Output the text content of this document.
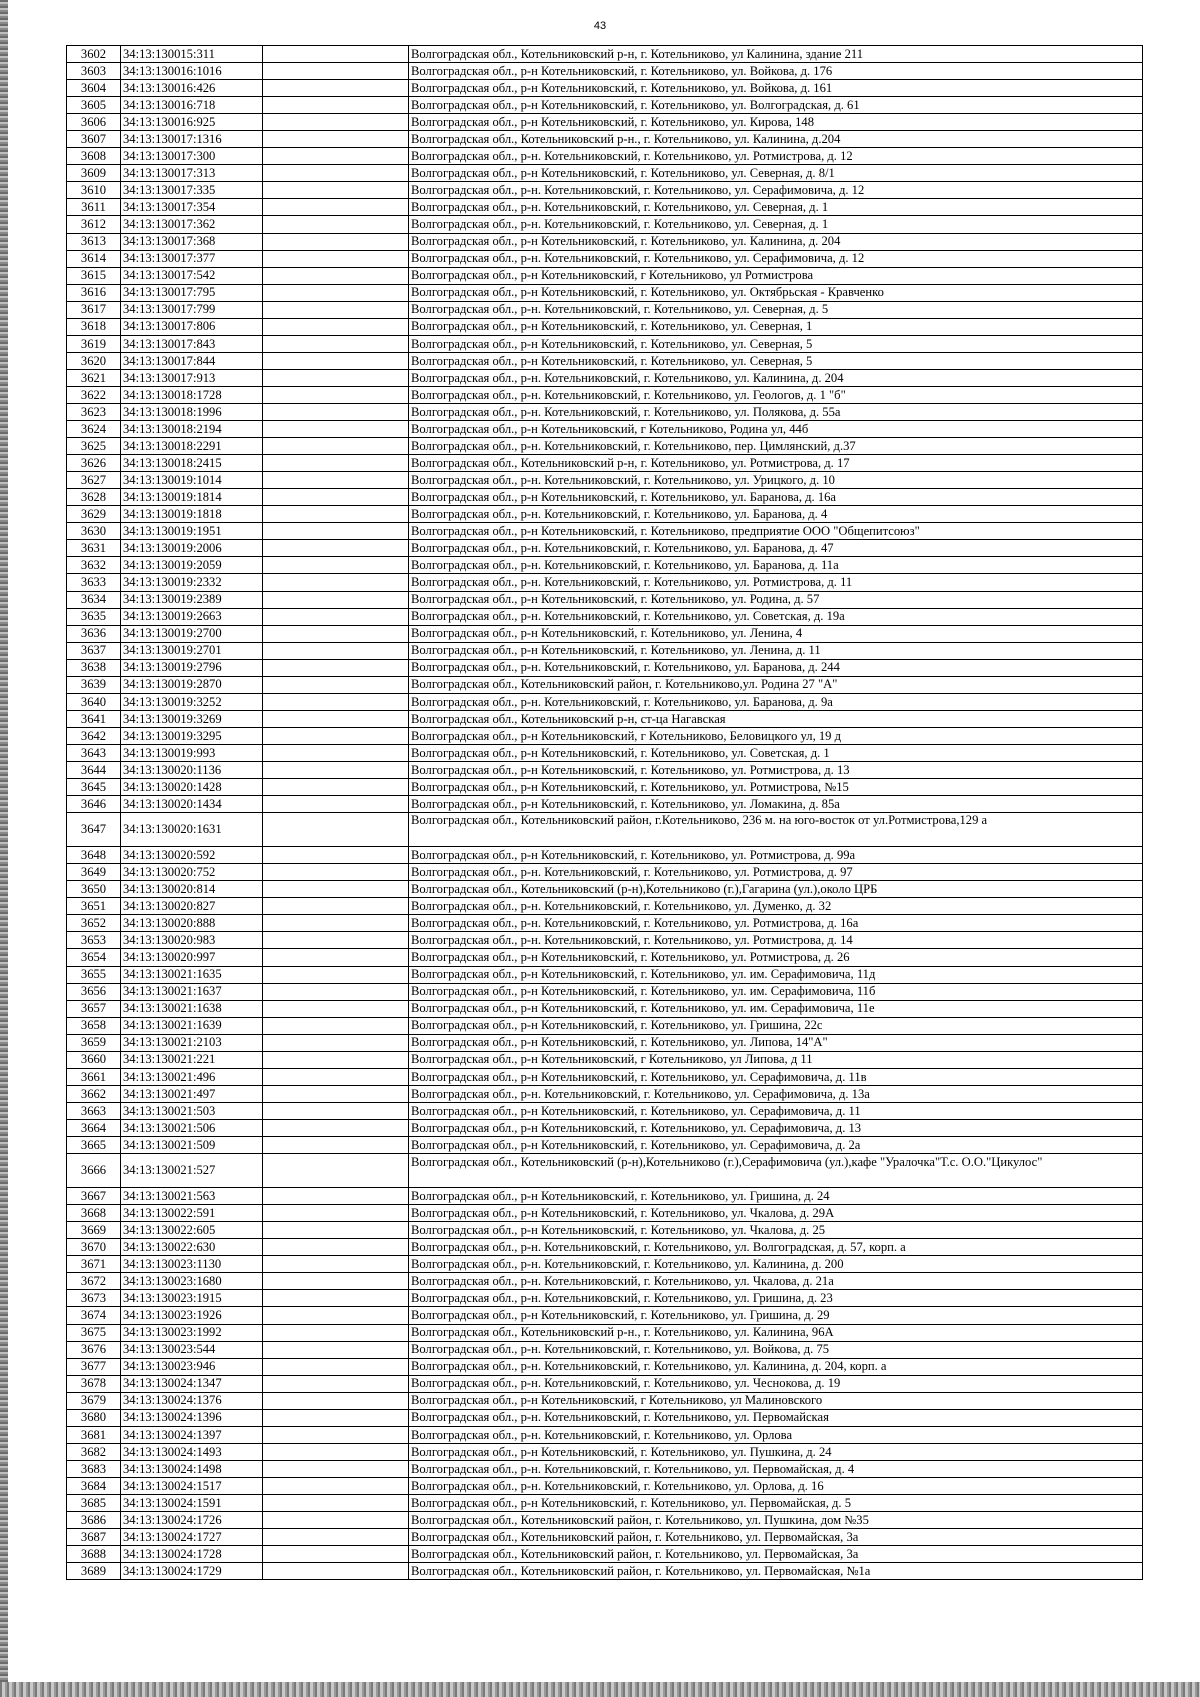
43
3602	34:13:130015:311		Волгоградская обл., Котельниковский р-н, г. Котельниково, ул Калинина, здание 211
3603	34:13:130016:1016		Волгоградская обл., р-н Котельниковский, г. Котельниково, ул. Войкова, д. 176
3604	34:13:130016:426		Волгоградская обл., р-н Котельниковский, г. Котельниково, ул. Войкова, д. 161
3605	34:13:130016:718		Волгоградская обл., р-н Котельниковский, г. Котельниково, ул. Волгоградская, д. 61
3606	34:13:130016:925		Волгоградская обл., р-н Котельниковский, г. Котельниково, ул. Кирова, 148
3607	34:13:130017:1316		Волгоградская обл., Котельниковский р-н., г. Котельниково, ул. Калинина, д.204
3608	34:13:130017:300		Волгоградская обл., р-н. Котельниковский, г. Котельниково, ул. Ротмистрова, д. 12
3609	34:13:130017:313		Волгоградская обл., р-н Котельниковский, г. Котельниково, ул. Северная, д. 8/1
3610	34:13:130017:335		Волгоградская обл., р-н. Котельниковский, г. Котельниково, ул. Серафимовича, д. 12
3611	34:13:130017:354		Волгоградская обл., р-н. Котельниковский, г. Котельниково, ул. Северная, д. 1
3612	34:13:130017:362		Волгоградская обл., р-н. Котельниковский, г. Котельниково, ул. Северная, д. 1
3613	34:13:130017:368		Волгоградская обл., р-н Котельниковский, г. Котельниково, ул. Калинина, д. 204
3614	34:13:130017:377		Волгоградская обл., р-н. Котельниковский, г. Котельниково, ул. Серафимовича, д. 12
3615	34:13:130017:542		Волгоградская обл., р-н Котельниковский, г Котельниково, ул Ротмистрова
3616	34:13:130017:795		Волгоградская обл., р-н Котельниковский, г. Котельниково, ул. Октябрьская - Кравченко
3617	34:13:130017:799		Волгоградская обл., р-н. Котельниковский, г. Котельниково, ул. Северная, д. 5
3618	34:13:130017:806		Волгоградская обл., р-н Котельниковский, г. Котельниково, ул. Северная, 1
3619	34:13:130017:843		Волгоградская обл., р-н Котельниковский, г. Котельниково, ул. Северная, 5
3620	34:13:130017:844		Волгоградская обл., р-н Котельниковский, г. Котельниково, ул. Северная, 5
3621	34:13:130017:913		Волгоградская обл., р-н. Котельниковский, г. Котельниково, ул. Калинина, д. 204
3622	34:13:130018:1728		Волгоградская обл., р-н. Котельниковский, г. Котельниково, ул. Геологов, д. 1 "б"
3623	34:13:130018:1996		Волгоградская обл., р-н. Котельниковский, г. Котельниково, ул. Полякова, д. 55а
3624	34:13:130018:2194		Волгоградская обл., р-н Котельниковский, г Котельниково, Родина ул, 44б
3625	34:13:130018:2291		Волгоградская обл., р-н. Котельниковский, г. Котельниково, пер. Цимлянский, д.37
3626	34:13:130018:2415		Волгоградская обл., Котельниковский р-н, г. Котельниково, ул. Ротмистрова, д. 17
3627	34:13:130019:1014		Волгоградская обл., р-н. Котельниковский, г. Котельниково, ул. Урицкого, д. 10
3628	34:13:130019:1814		Волгоградская обл., р-н Котельниковский, г. Котельниково, ул. Баранова, д. 16а
3629	34:13:130019:1818		Волгоградская обл., р-н. Котельниковский, г. Котельниково, ул. Баранова, д. 4
3630	34:13:130019:1951		Волгоградская обл., р-н Котельниковский, г. Котельниково, предприятие ООО "Общепитсоюз"
3631	34:13:130019:2006		Волгоградская обл., р-н. Котельниковский, г. Котельниково, ул. Баранова, д. 47
3632	34:13:130019:2059		Волгоградская обл., р-н. Котельниковский, г. Котельниково, ул. Баранова, д. 11а
3633	34:13:130019:2332		Волгоградская обл., р-н. Котельниковский, г. Котельниково, ул. Ротмистрова, д. 11
3634	34:13:130019:2389		Волгоградская обл., р-н Котельниковский, г. Котельниково, ул. Родина, д. 57
3635	34:13:130019:2663		Волгоградская обл., р-н. Котельниковский, г. Котельниково, ул. Советская, д. 19а
3636	34:13:130019:2700		Волгоградская обл., р-н Котельниковский, г. Котельниково, ул. Ленина, 4
3637	34:13:130019:2701		Волгоградская обл., р-н Котельниковский, г. Котельниково, ул. Ленина, д. 11
3638	34:13:130019:2796		Волгоградская обл., р-н. Котельниковский, г. Котельниково, ул. Баранова, д. 244
3639	34:13:130019:2870		Волгоградская обл., Котельниковский район, г. Котельниково,ул. Родина 27 "А"
3640	34:13:130019:3252		Волгоградская обл., р-н. Котельниковский, г. Котельниково, ул. Баранова, д. 9а
3641	34:13:130019:3269		Волгоградская обл., Котельниковский р-н, ст-ца Нагавская
3642	34:13:130019:3295		Волгоградская обл., р-н Котельниковский, г Котельниково, Беловицкого ул, 19 д
3643	34:13:130019:993		Волгоградская обл., р-н Котельниковский, г. Котельниково, ул. Советская, д. 1
3644	34:13:130020:1136		Волгоградская обл., р-н Котельниковский, г. Котельниково, ул. Ротмистрова, д. 13
3645	34:13:130020:1428		Волгоградская обл., р-н Котельниковский, г. Котельниково, ул. Ротмистрова, №15
3646	34:13:130020:1434		Волгоградская обл., р-н Котельниковский, г. Котельниково, ул. Ломакина, д. 85а
3647	34:13:130020:1631		Волгоградская обл., Котельниковский район, г.Котельниково, 236 м. на юго-восток от ул.Ротмистрова,129 а
3648	34:13:130020:592		Волгоградская обл., р-н Котельниковский, г. Котельниково, ул. Ротмистрова, д. 99а
3649	34:13:130020:752		Волгоградская обл., р-н. Котельниковский, г. Котельниково, ул. Ротмистрова, д. 97
3650	34:13:130020:814		Волгоградская обл., Котельниковский (р-н),Котельниково (г.),Гагарина (ул.),около ЦРБ
3651	34:13:130020:827		Волгоградская обл., р-н. Котельниковский, г. Котельниково, ул. Думенко, д. 32
3652	34:13:130020:888		Волгоградская обл., р-н. Котельниковский, г. Котельниково, ул. Ротмистрова, д. 16а
3653	34:13:130020:983		Волгоградская обл., р-н. Котельниковский, г. Котельниково, ул. Ротмистрова, д. 14
3654	34:13:130020:997		Волгоградская обл., р-н Котельниковский, г. Котельниково, ул. Ротмистрова, д. 26
3655	34:13:130021:1635		Волгоградская обл., р-н Котельниковский, г. Котельниково, ул. им. Серафимовича, 11д
3656	34:13:130021:1637		Волгоградская обл., р-н Котельниковский, г. Котельниково, ул. им. Серафимовича, 11б
3657	34:13:130021:1638		Волгоградская обл., р-н Котельниковский, г. Котельниково, ул. им. Серафимовича, 11е
3658	34:13:130021:1639		Волгоградская обл., р-н Котельниковский, г. Котельниково, ул. Гришина, 22с
3659	34:13:130021:2103		Волгоградская обл., р-н Котельниковский, г. Котельниково, ул. Липова, 14"А"
3660	34:13:130021:221		Волгоградская обл., р-н Котельниковский, г Котельниково, ул Липова, д 11
3661	34:13:130021:496		Волгоградская обл., р-н Котельниковский, г. Котельниково, ул. Серафимовича, д. 11в
3662	34:13:130021:497		Волгоградская обл., р-н. Котельниковский, г. Котельниково, ул. Серафимовича, д. 13а
3663	34:13:130021:503		Волгоградская обл., р-н Котельниковский, г. Котельниково, ул. Серафимовича, д. 11
3664	34:13:130021:506		Волгоградская обл., р-н Котельниковский, г. Котельниково, ул. Серафимовича, д. 13
3665	34:13:130021:509		Волгоградская обл., р-н Котельниковский, г. Котельниково, ул. Серафимовича, д. 2а
3666	34:13:130021:527		Волгоградская обл., Котельниковский (р-н),Котельниково (г.),Серафимовича (ул.),кафе "Уралочка"Т.с. О.О."Цикулос"
3667	34:13:130021:563		Волгоградская обл., р-н Котельниковский, г. Котельниково, ул. Гришина, д. 24
3668	34:13:130022:591		Волгоградская обл., р-н Котельниковский, г. Котельниково, ул. Чкалова, д. 29А
3669	34:13:130022:605		Волгоградская обл., р-н Котельниковский, г. Котельниково, ул. Чкалова, д. 25
3670	34:13:130022:630		Волгоградская обл., р-н. Котельниковский, г. Котельниково, ул. Волгоградская, д. 57, корп. а
3671	34:13:130023:1130		Волгоградская обл., р-н. Котельниковский, г. Котельниково, ул. Калинина, д. 200
3672	34:13:130023:1680		Волгоградская обл., р-н. Котельниковский, г. Котельниково, ул. Чкалова, д. 21а
3673	34:13:130023:1915		Волгоградская обл., р-н. Котельниковский, г. Котельниково, ул. Гришина, д. 23
3674	34:13:130023:1926		Волгоградская обл., р-н Котельниковский, г. Котельниково, ул. Гришина, д. 29
3675	34:13:130023:1992		Волгоградская обл., Котельниковский р-н., г. Котельниково, ул. Калинина, 96А
3676	34:13:130023:544		Волгоградская обл., р-н. Котельниковский, г. Котельниково, ул. Войкова, д. 75
3677	34:13:130023:946		Волгоградская обл., р-н. Котельниковский, г. Котельниково, ул. Калинина, д. 204, корп. а
3678	34:13:130024:1347		Волгоградская обл., р-н. Котельниковский, г. Котельниково, ул. Чеснокова, д. 19
3679	34:13:130024:1376		Волгоградская обл., р-н Котельниковский, г Котельниково, ул Малиновского
3680	34:13:130024:1396		Волгоградская обл., р-н. Котельниковский, г. Котельниково, ул. Первомайская
3681	34:13:130024:1397		Волгоградская обл., р-н. Котельниковский, г. Котельниково, ул. Орлова
3682	34:13:130024:1493		Волгоградская обл., р-н Котельниковский, г. Котельниково, ул. Пушкина, д. 24
3683	34:13:130024:1498		Волгоградская обл., р-н. Котельниковский, г. Котельниково, ул. Первомайская, д. 4
3684	34:13:130024:1517		Волгоградская обл., р-н. Котельниковский, г. Котельниково, ул. Орлова, д. 16
3685	34:13:130024:1591		Волгоградская обл., р-н Котельниковский, г. Котельниково, ул. Первомайская, д. 5
3686	34:13:130024:1726		Волгоградская обл., Котельниковский район, г. Котельниково, ул. Пушкина, дом №35
3687	34:13:130024:1727		Волгоградская обл., Котельниковский район, г. Котельниково, ул. Первомайская, 3а
3688	34:13:130024:1728		Волгоградская обл., Котельниковский район, г. Котельниково, ул. Первомайская, 3а
3689	34:13:130024:1729		Волгоградская обл., Котельниковский район, г. Котельниково, ул. Первомайская, №1а
